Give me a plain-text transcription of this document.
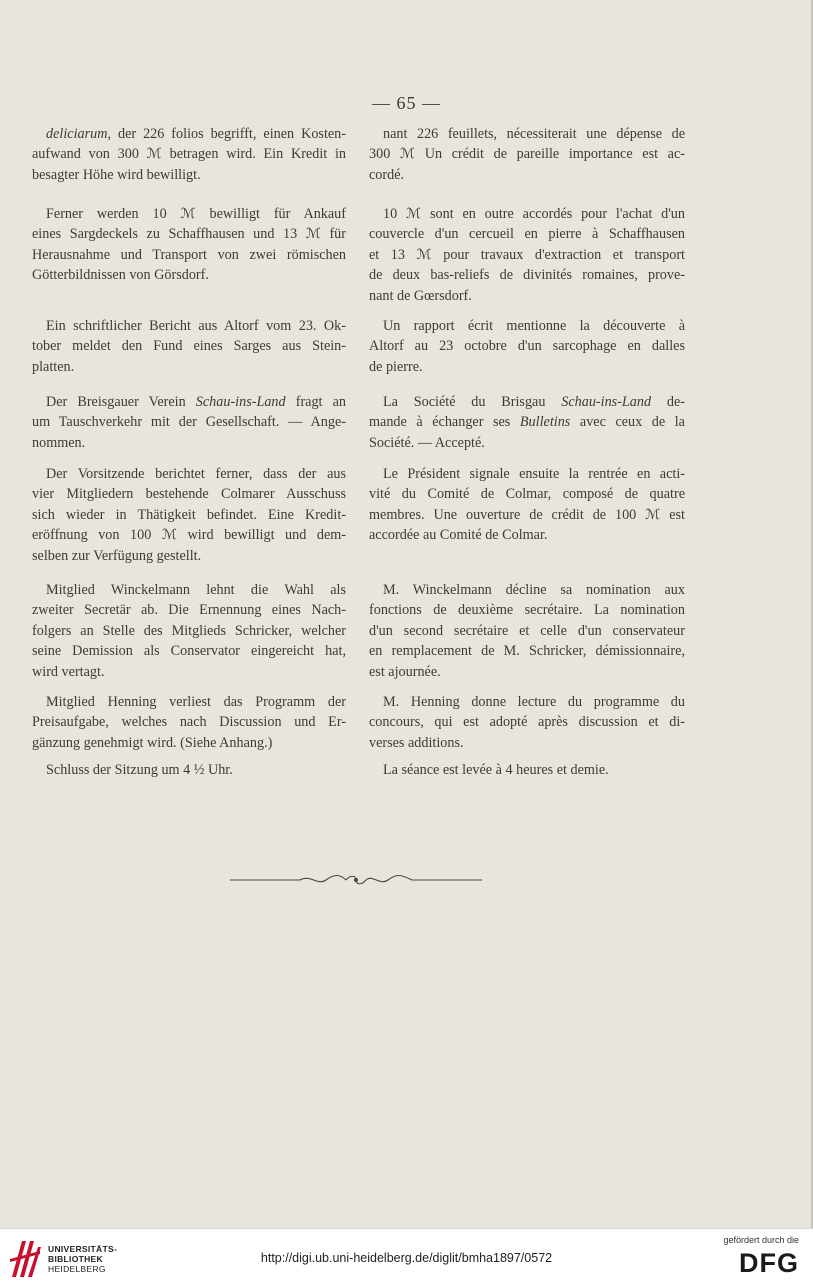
— 65 —
deliciarum, der 226 folios begrifft, einen Kosten-
aufwand von 300 ℳ betragen wird. Ein Kredit in
besagter Höhe wird bewilligt.
Ferner werden 10 ℳ bewilligt für Ankauf
eines Sargdeckels zu Schaffhausen und 13 ℳ für
Herausnahme und Transport von zwei römischen
Götterbildnissen von Görsdorf.
Ein schriftlicher Bericht aus Altorf vom 23. Ok-
tober meldet den Fund eines Sarges aus Stein-
platten.
Der Breisgauer Verein Schau-ins-Land fragt an
um Tauschverkehr mit der Gesellschaft. — Ange-
nommen.
Der Vorsitzende berichtet ferner, dass der aus
vier Mitgliedern bestehende Colmarer Ausschuss
sich wieder in Thätigkeit befindet. Eine Kredit-
eröffnung von 100 ℳ wird bewilligt und dem-
selben zur Verfügung gestellt.
Mitglied Winckelmann lehnt die Wahl als
zweiter Secretär ab. Die Ernennung eines Nach-
folgers an Stelle des Mitglieds Schricker, welcher
seine Demission als Conservator eingereicht hat,
wird vertagt.
Mitglied Henning verliest das Programm der
Preisaufgabe, welches nach Discussion und Er-
gänzung genehmigt wird. (Siehe Anhang.)
Schluss der Sitzung um 4 ½ Uhr.
nant 226 feuillets, nécessiterait une dépense de
300 ℳ Un crédit de pareille importance est ac-
cordé.
10 ℳ sont en outre accordés pour l'achat d'un
couvercle d'un cercueil en pierre à Schaffhausen
et 13 ℳ pour travaux d'extraction et transport
de deux bas-reliefs de divinités romaines, prove-
nant de Gœrsdorf.
Un rapport écrit mentionne la découverte à
Altorf au 23 octobre d'un sarcophage en dalles
de pierre.
La Société du Brisgau Schau-ins-Land de-
mande à échanger ses Bulletins avec ceux de la
Société. — Accepté.
Le Président signale ensuite la rentrée en acti-
vité du Comité de Colmar, composé de quatre
membres. Une ouverture de crédit de 100 ℳ est
accordée au Comité de Colmar.
M. Winckelmann décline sa nomination aux
fonctions de deuxième secrétaire. La nomination
d'un second secrétaire et celle d'un conservateur
en remplacement de M. Schricker, démissionnaire,
est ajournée.
M. Henning donne lecture du programme du
concours, qui est adopté après discussion et di-
verses additions.
La séance est levée à 4 heures et demie.
UNIVERSITÄTS-
BIBLIOTHEK
HEIDELBERG
http://digi.ub.uni-heidelberg.de/diglit/bmha1897/0572
gefördert durch die
DFG
